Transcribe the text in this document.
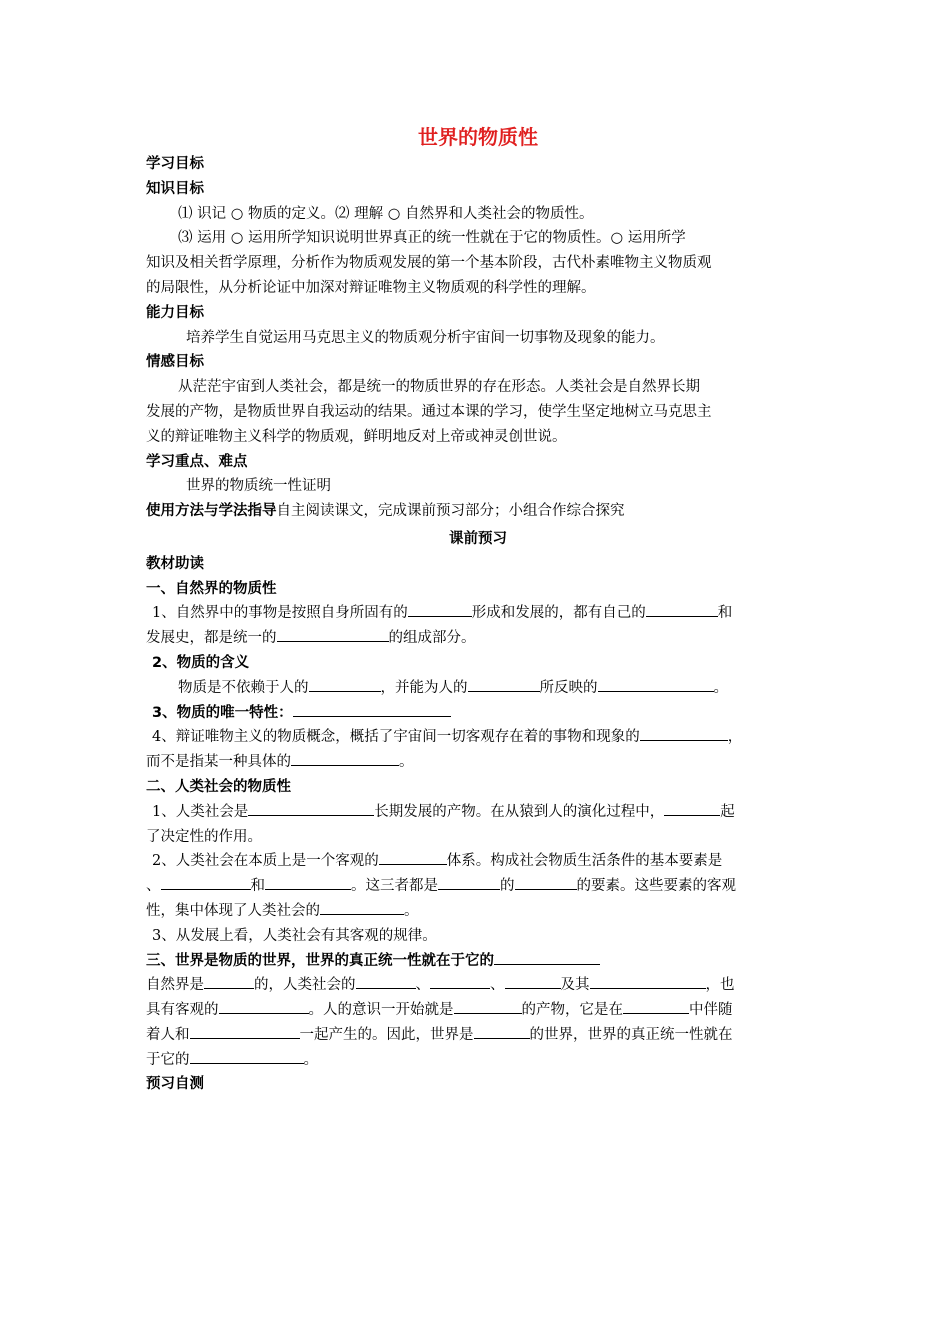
世界的物质性
学习目标
知识目标
⑴ 识记 ○ 物质的定义。⑵ 理解 ○ 自然界和人类社会的物质性。
⑶ 运用 ○ 运用所学知识说明世界真正的统一性就在于它的物质性。○ 运用所学
知识及相关哲学原理，分析作为物质观发展的第一个基本阶段，古代朴素唯物主义物质观
的局限性，从分析论证中加深对辩证唯物主义物质观的科学性的理解。
能力目标
培养学生自觉运用马克思主义的物质观分析宇宙间一切事物及现象的能力。
情感目标
从茫茫宇宙到人类社会，都是统一的物质世界的存在形态。人类社会是自然界长期
发展的产物，是物质世界自我运动的结果。通过本课的学习，使学生坚定地树立马克思主
义的辩证唯物主义科学的物质观，鲜明地反对上帝或神灵创世说。
学习重点、难点
世界的物质统一性证明
使用方法与学法指导自主阅读课文，完成课前预习部分；小组合作综合探究
课前预习
教材助读
一、自然界的物质性
1、自然界中的事物是按照自身所固有的	形成和发展的，都有自己的	和
发展史，都是统一的	的组成部分。
2、物质的含义
物质是不依赖于人的	，并能为人的	所反映的	。
3、物质的唯一特性：
4、辩证唯物主义的物质概念，概括了宇宙间一切客观存在着的事物和现象的	，
而不是指某一种具体的	。
二、人类社会的物质性
1、人类社会是	长期发展的产物。在从猿到人的演化过程中，	起
了决定性的作用。
2、人类社会在本质上是一个客观的	体系。构成社会物质生活条件的基本要素是
、	和	。这三者都是	的	的要素。这些要素的客观
性，集中体现了人类社会的	。
3、从发展上看，人类社会有其客观的规律。
三、世界是物质的世界，世界的真正统一性就在于它的
自然界是	的，人类社会的	、	、	及其	，也
具有客观的	。人的意识一开始就是	的产物，它是在	中伴随
着人和	一起产生的。因此，世界是	的世界，世界的真正统一性就在
于它的	。
预习自测
